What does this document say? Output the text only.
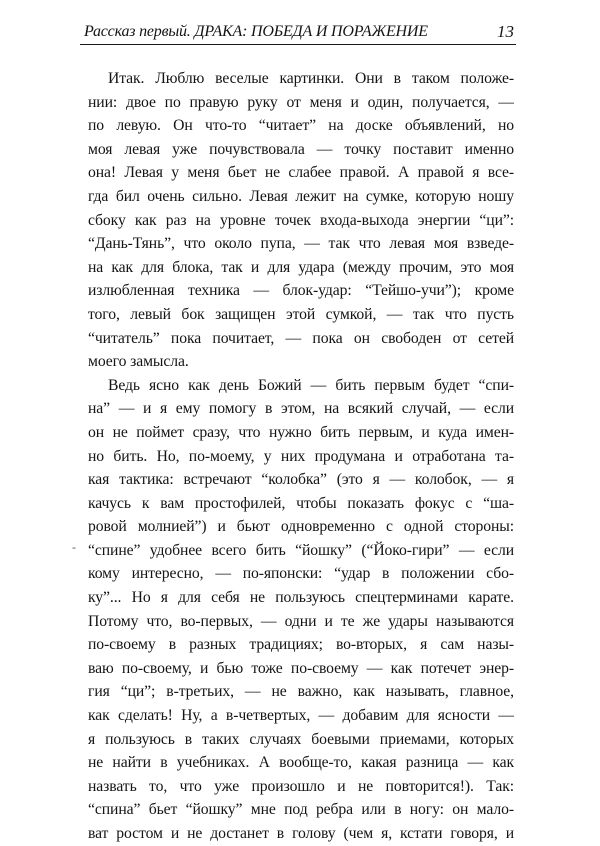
Рассказ первый. ДРАКА: ПОБЕДА И ПОРАЖЕНИЕ	13
-
Итак. Люблю веселые картинки. Они в таком положе-
нии: двое по правую руку от меня и один, получается, —
по левую. Он что-то “читает” на доске объявлений, но
моя левая уже почувствовала — точку поставит именно
она! Левая у меня бьет не слабее правой. А правой я все-
гда бил очень сильно. Левая лежит на сумке, которую ношу
сбоку как раз на уровне точек входа-выхода энергии “ци”:
“Дань-Тянь”, что около пупа, — так что левая моя взведе-
на как для блока, так и для удара (между прочим, это моя
излюбленная техника — блок-удар: “Тейшо-учи”); кроме
того, левый бок защищен этой сумкой, — так что пусть
“читатель” пока почитает, — пока он свободен от сетей
моего замысла.
Ведь ясно как день Божий — бить первым будет “спи-
на” — и я ему помогу в этом, на всякий случай, — если
он не поймет сразу, что нужно бить первым, и куда имен-
но бить. Но, по-моему, у них продумана и отработана та-
кая тактика: встречают “колобка” (это я — колобок, — я
качусь к вам простофилей, чтобы показать фокус с “ша-
ровой молнией”) и бьют одновременно с одной стороны:
“спине” удобнее всего бить “йошку” (“Йоко-гири” — если
кому интересно, — по-японски: “удар в положении сбо-
ку”... Но я для себя не пользуюсь спецтерминами карате.
Потому что, во-первых, — одни и те же удары называются
по-своему в разных традициях; во-вторых, я сам назы-
ваю по-своему, и бью тоже по-своему — как потечет энер-
гия “ци”; в-третьих, — не важно, как называть, главное,
как сделать! Ну, а в-четвертых, — добавим для ясности —
я пользуюсь в таких случаях боевыми приемами, которых
не найти в учебниках. А вообще-то, какая разница — как
назвать то, что уже произошло и не повторится!). Так:
“спина” бьет “йошку” мне под ребра или в ногу: он мало-
ват ростом и не достанет в голову (чем я, кстати говоря, и
